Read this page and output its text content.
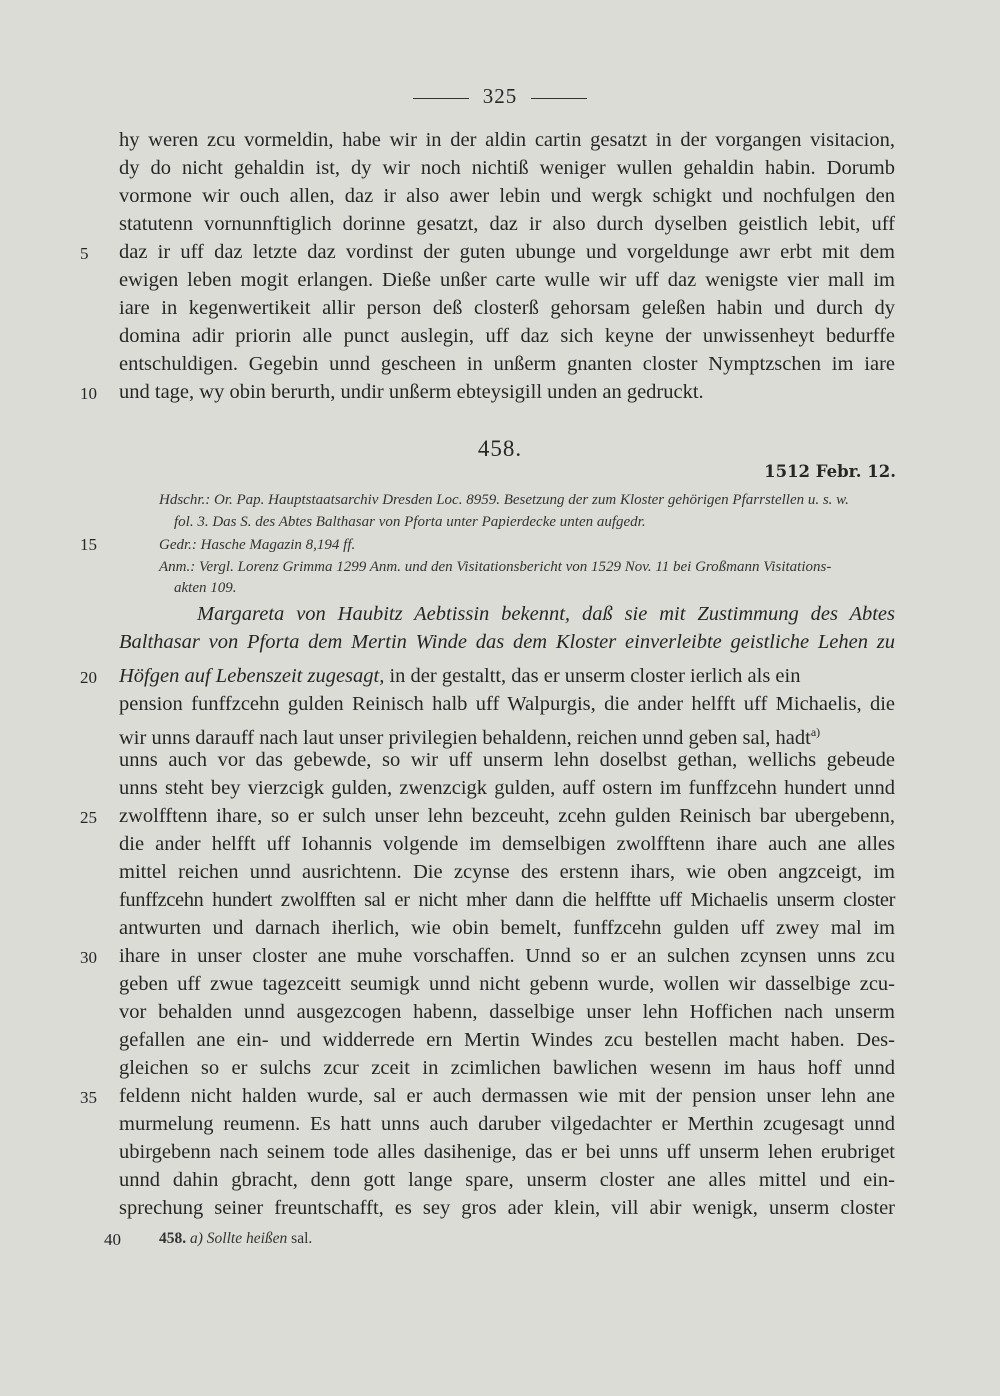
325
hy weren zcu vormeldin, habe wir in der aldin cartin gesatzt in der vorgangen visitacion,
dy do nicht gehaldin ist, dy wir noch nichtiß weniger wullen gehaldin habin. Dorumb
vormone wir ouch allen, daz ir also awer lebin und wergk schigkt und nochfulgen den
statutenn vornunnftiglich dorinne gesatzt, daz ir also durch dyselben geistlich lebit, uff
5	daz ir uff daz letzte daz vordinst der guten ubunge und vorgeldunge awr erbt mit dem
ewigen leben mogit erlangen. Dieße unßer carte wulle wir uff daz wenigste vier mall im
iare in kegenwertikeit allir person deß closterß gehorsam geleßen habin und durch dy
domina adir priorin alle punct auslegin, uff daz sich keyne der unwissenheyt bedurffe
entschuldigen. Gegebin unnd gescheen in unßerm gnanten closter Nymptzschen im iare
10	und tage, wy obin berurth, undir unßerm ebteysigill unden an gedruckt.
458.
1512 Febr. 12.
Hdschr.: Or. Pap. Hauptstaatsarchiv Dresden Loc. 8959. Besetzung der zum Kloster gehörigen Pfarrstellen u. s. w.
fol. 3. Das S. des Abtes Balthasar von Pforta unter Papierdecke unten aufgedr.
15	Gedr.: Hasche Magazin 8,194 ff.
Anm.: Vergl. Lorenz Grimma 1299 Anm. und den Visitationsbericht von 1529 Nov. 11 bei Großmann Visitations-
akten 109.
Margareta von Haubitz Aebtissin bekennt, daß sie mit Zustimmung des Abtes
Balthasar von Pforta dem Mertin Winde das dem Kloster einverleibte geistliche Lehen zu
20	Höfgen auf Lebenszeit zugesagt, in der gestaltt, das er unserm closter ierlich als ein
pension funffzcehn gulden Reinisch halb uff Walpurgis, die ander helfft uff Michaelis, die
wir unns darauff nach laut unser privilegien behaldenn, reichen unnd geben sal, hadt$^{a)}$
unns auch vor das gebewde, so wir uff unserm lehn doselbst gethan, wellichs gebeude
unns steht bey vierzcigk gulden, zwenzcigk gulden, auff ostern im funffzcehn hundert unnd
25	zwolfftenn ihare, so er sulch unser lehn bezceuht, zcehn gulden Reinisch bar ubergebenn,
die ander helfft uff Iohannis volgende im demselbigen zwolfftenn ihare auch ane alles
mittel reichen unnd ausrichtenn. Die zcynse des erstenn ihars, wie oben angzceigt, im
funffzcehn hundert zwolfften sal er nicht mher dann die helfftte uff Michaelis unserm closter
antwurten und darnach iherlich, wie obin bemelt, funffzcehn gulden uff zwey mal im
30	ihare in unser closter ane muhe vorschaffen. Unnd so er an sulchen zcynsen unns zcu
geben uff zwue tagezceitt seumigk unnd nicht gebenn wurde, wollen wir dasselbige zcu-
vor behalden unnd ausgezcogen habenn, dasselbige unser lehn Hoffichen nach unserm
gefallen ane ein- und widderrede ern Mertin Windes zcu bestellen macht haben. Des-
gleichen so er sulchs zcur zceit in zcimlichen bawlichen wesenn im haus hoff unnd
35	feldenn nicht halden wurde, sal er auch dermassen wie mit der pension unser lehn ane
murmelung reumenn. Es hatt unns auch daruber vilgedachter er Merthin zcugesagt unnd
ubirgebenn nach seinem tode alles dasihenige, das er bei unns uff unserm lehen erubriget
unnd dahin gbracht, denn gott lange spare, unserm closter ane alles mittel und ein-
sprechung seiner freuntschafft, es sey gros ader klein, vill abir wenigk, unserm closter
40	458. a) Sollte heißen sal.
